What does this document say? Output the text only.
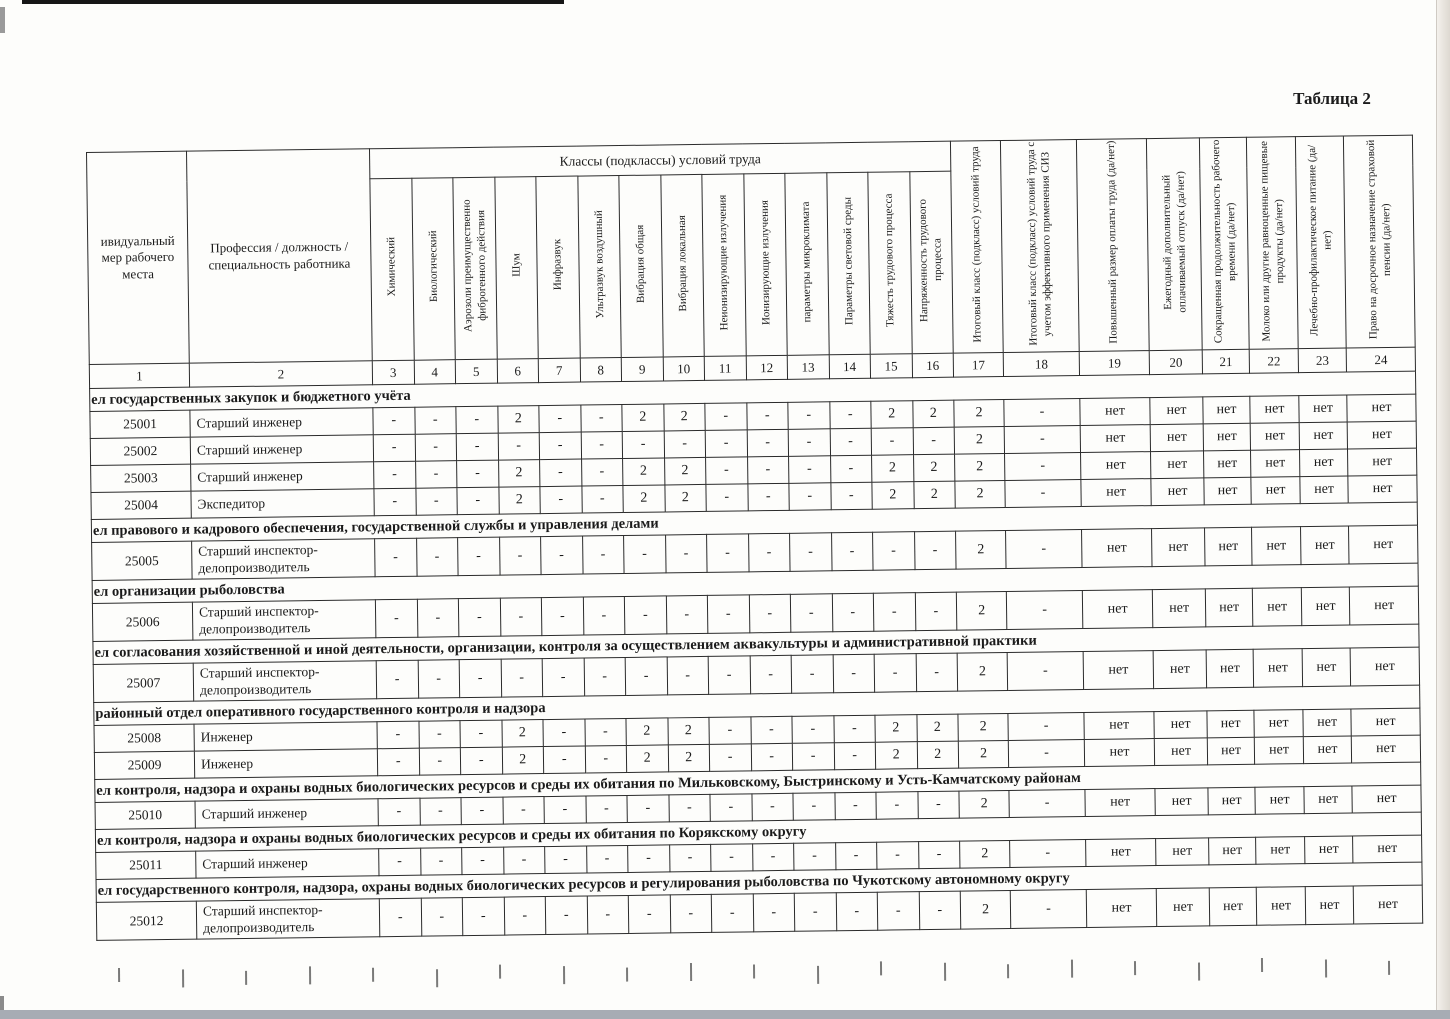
Таблица 2
ивидуальный
мер рабочего
места	Профессия / должность /
специальность работника	Классы (подклассы) условий труда														Итоговый класс (подкласс) условий труда	Итоговый класс (подкласс) условий труда с учетом эффективного применения СИЗ	Повышенный размер оплаты труда (да/нет)	Ежегодный дополнительный оплачиваемый отпуск (да/нет)	Сокращенная продолжительность рабочего времени (да/нет)	Молоко или другие равноценные пищевые продукты (да/нет)	Лечебно-профилактическое питание (да/нет)	Право на досрочное назначение страховой пенсии (да/нет)
		Химический	Биологический	Аэрозоли преимущественно фиброгенного действия	Шум	Инфразвук	Ультразвук воздушный	Вибрация общая	Вибрация локальная	Неионизирующие излучения	Ионизирующие излучения	параметры микроклимата	Параметры световой среды	Тяжесть трудового процесса	Напряженность трудового процесса								
1	2	3	4	5	6	7	8	9	10	11	12	13	14	15	16	17	18	19	20	21	22	23	24
ел государственных закупок и бюджетного учёта																							
25001	Старший инженер	-	-	-	2	-	-	2	2	-	-	-	-	2	2	2	-	нет	нет	нет	нет	нет	нет
25002	Старший инженер	-	-	-	-	-	-	-	-	-	-	-	-	-	-	2	-	нет	нет	нет	нет	нет	нет
25003	Старший инженер	-	-	-	2	-	-	2	2	-	-	-	-	2	2	2	-	нет	нет	нет	нет	нет	нет
25004	Экспедитор	-	-	-	2	-	-	2	2	-	-	-	-	2	2	2	-	нет	нет	нет	нет	нет	нет
ел правового и кадрового обеспечения, государственной службы и управления делами																							
25005	Старший инспектор-
делопроизводитель	-	-	-	-	-	-	-	-	-	-	-	-	-	-	2	-	нет	нет	нет	нет	нет	нет
ел организации рыболовства																							
25006	Старший инспектор-
делопроизводитель	-	-	-	-	-	-	-	-	-	-	-	-	-	-	2	-	нет	нет	нет	нет	нет	нет
ел согласования хозяйственной и иной деятельности, организации, контроля за осуществлением аквакультуры и административной практики																							
25007	Старший инспектор-
делопроизводитель	-	-	-	-	-	-	-	-	-	-	-	-	-	-	2	-	нет	нет	нет	нет	нет	нет
районный отдел оперативного государственного контроля и надзора																							
25008	Инженер	-	-	-	2	-	-	2	2	-	-	-	-	2	2	2	-	нет	нет	нет	нет	нет	нет
25009	Инженер	-	-	-	2	-	-	2	2	-	-	-	-	2	2	2	-	нет	нет	нет	нет	нет	нет
ел контроля, надзора и охраны водных биологических ресурсов и среды их обитания по Мильковскому, Быстринскому и Усть-Камчатскому районам																							
25010	Старший инженер	-	-	-	-	-	-	-	-	-	-	-	-	-	-	2	-	нет	нет	нет	нет	нет	нет
ел контроля, надзора и охраны водных биологических ресурсов и среды их обитания по Корякскому округу																							
25011	Старший инженер	-	-	-	-	-	-	-	-	-	-	-	-	-	-	2	-	нет	нет	нет	нет	нет	нет
ел государственного контроля, надзора, охраны водных биологических ресурсов и регулирования рыболовства по Чукотскому автономному округу																							
25012	Старший инспектор-
делопроизводитель	-	-	-	-	-	-	-	-	-	-	-	-	-	-	2	-	нет	нет	нет	нет	нет	нет
